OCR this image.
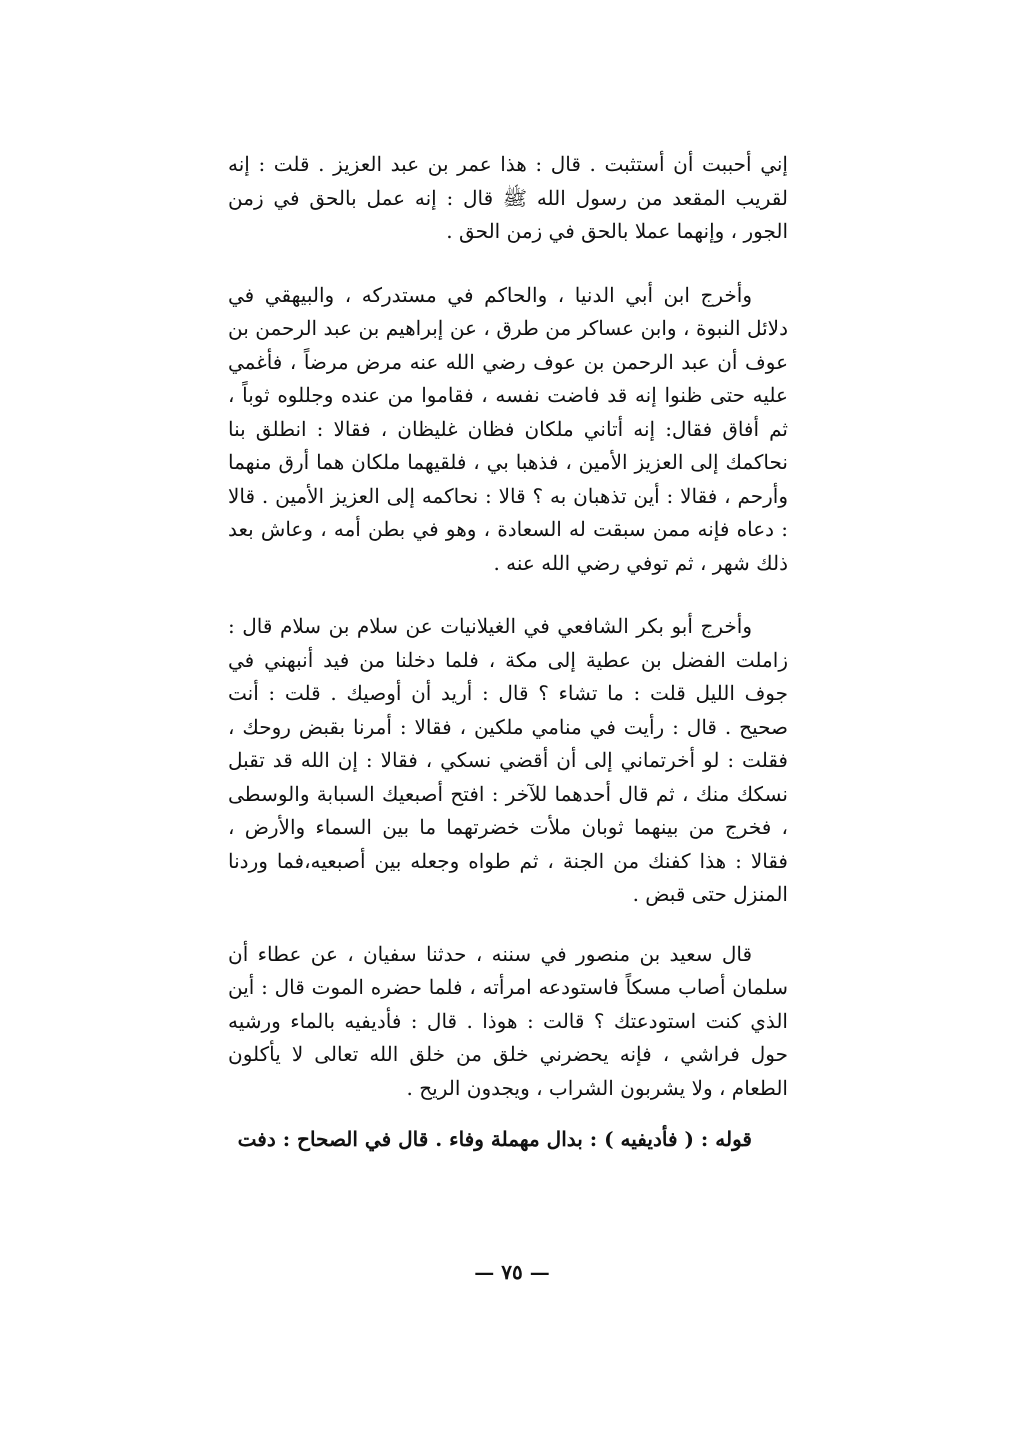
إني أحببت أن أستثبت . قال : هذا عمر بن عبد العزيز . قلت : إنه لقريب المقعد من رسول الله ﷺ قال : إنه عمل بالحق في زمن الجور ، وإنهما عملا بالحق في زمن الحق .

وأخرج ابن أبي الدنيا ، والحاكم في مستدركه ، والبيهقي في دلائل النبوة ، وابن عساكر من طرق ، عن إبراهيم بن عبد الرحمن بن عوف أن عبد الرحمن بن عوف رضي الله عنه مرض مرضاً ، فأغمي عليه حتى ظنوا إنه قد فاضت نفسه ، فقاموا من عنده وجللوه ثوباً ، ثم أفاق فقال: إنه أتاني ملكان فظان غليظان ، فقالا : انطلق بنا نحاكمك إلى العزيز الأمين ، فذهبا بي ، فلقيهما ملكان هما أرق منهما وأرحم ، فقالا : أين تذهبان به ؟ قالا : نحاكمه إلى العزيز الأمين . قالا : دعاه فإنه ممن سبقت له السعادة ، وهو في بطن أمه ، وعاش بعد ذلك شهر ، ثم توفي رضي الله عنه .

وأخرج أبو بكر الشافعي في الغيلانيات عن سلام بن سلام قال : زاملت الفضل بن عطية إلى مكة ، فلما دخلنا من فيد أنبهني في جوف الليل قلت : ما تشاء ؟ قال : أريد أن أوصيك . قلت : أنت صحيح . قال : رأيت في منامي ملكين ، فقالا : أمرنا بقبض روحك ، فقلت : لو أخرتماني إلى أن أقضي نسكي ، فقالا : إن الله قد تقبل نسكك منك ، ثم قال أحدهما للآخر : افتح أصبعيك السبابة والوسطى ، فخرج من بينهما ثوبان ملأت خضرتهما ما بين السماء والأرض ، فقالا : هذا كفنك من الجنة ، ثم طواه وجعله بين أصبعيه،فما وردنا المنزل حتى قبض .

قال سعيد بن منصور في سننه ، حدثنا سفيان ، عن عطاء أن سلمان أصاب مسكاً فاستودعه امرأته ، فلما حضره الموت قال : أين الذي كنت استودعتك ؟ قالت : هوذا . قال : فأديفيه بالماء ورشيه حول فراشي ، فإنه يحضرني خلق من خلق الله تعالى لا يأكلون الطعام ، ولا يشربون الشراب ، ويجدون الريح .

قوله : ( فأديفيه ) : بدال مهملة وفاء . قال في الصحاح : دفت

— ٧٥ —
